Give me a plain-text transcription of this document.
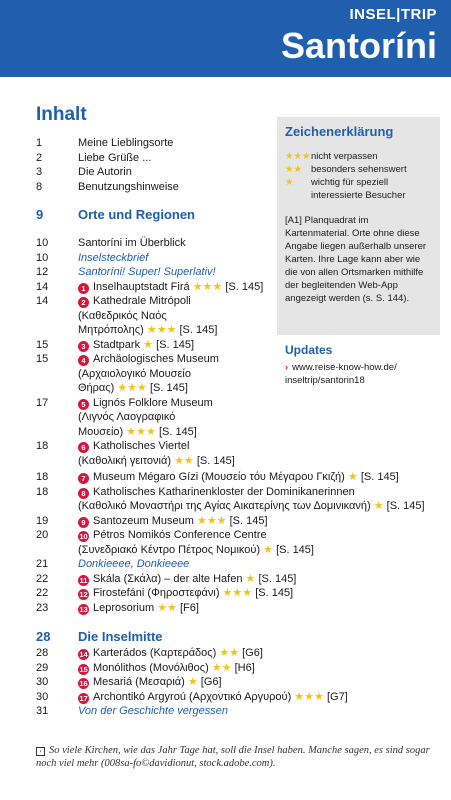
INSEL|TRIP
Santoríni
Inhalt
1	Meine Lieblingsorte
2	Liebe Grüße ...
3	Die Autorin
8	Benutzungshinweise
9	Orte und Regionen
10	Santoríni im Überblick
10	Inselsteckbrief
12	Santoríni! Super! Superlativ!
14	1 Inselhauptstadt Firá ★★★ [S. 145]
14	2 Kathedrale Mitrópoli
(Καθεδρικός Ναός
Μητρόπολης) ★★★ [S. 145]
15	3 Stadtpark ★ [S. 145]
15	4 Archäologisches Museum
(Αρχαιολογικό Μουσείο
Θήρας) ★★★ [S. 145]
17	5 Lignós Folklore Museum
(Λιγνός Λαογραφικό
Μουσείο) ★★★ [S. 145]
18	6 Katholisches Viertel
(Καθολική γειτονιά) ★★ [S. 145]
18	7 Museum Mégaro Gízi (Μουσείο τόυ Μέγαρου Γκιζή) ★ [S. 145]
18	8 Katholisches Katharinenkloster der Dominikanerinnen
(Καθολικό Μοναστήρι της Αγίας Αικατερίνης των Δομινικανή) ★ [S. 145]
19	9 Santozeum Museum ★★★ [S. 145]
20	10 Pétros Nomikós Conference Centre
(Συνεδριακό Κέντρο Πέτρος Νομικού) ★ [S. 145]
21	Donkieeee, Donkieeee
22	11 Skála (Σκάλα) – der alte Hafen ★ [S. 145]
22	12 Firostefáni (Φηροστεφάνι) ★★★ [S. 145]
23	13 Leprosorium ★★ [F6]
28	Die Inselmitte
28	14 Karterádos (Καρτεράδος) ★★ [G6]
29	15 Monólithos (Μονόλιθος) ★★ [H6]
30	16 Mesariá (Μεσαριά) ★ [G6]
30	17 Archontikó Argyroú (Αρχοντικό Αργυρού) ★★★ [G7]
31	Von der Geschichte vergessen
Zeichenerklärung
★★★ nicht verpassen
★★ besonders sehenswert
★	wichtig für speziell interessierte Besucher
[A1] Planquadrat im Kartenmaterial. Orte ohne diese Angabe liegen außerhalb unserer Karten. Ihre Lage kann aber wie die von allen Ortsmarken mithilfe der begleitenden Web-App angezeigt werden (s. S. 144).
Updates
› www.reise-know-how.de/ inseltrip/santorin18
‹ So viele Kirchen, wie das Jahr Tage hat, soll die Insel haben. Manche sagen, es sind sogar noch viel mehr (008sa-fo©davidionut, stock.adobe.com).
